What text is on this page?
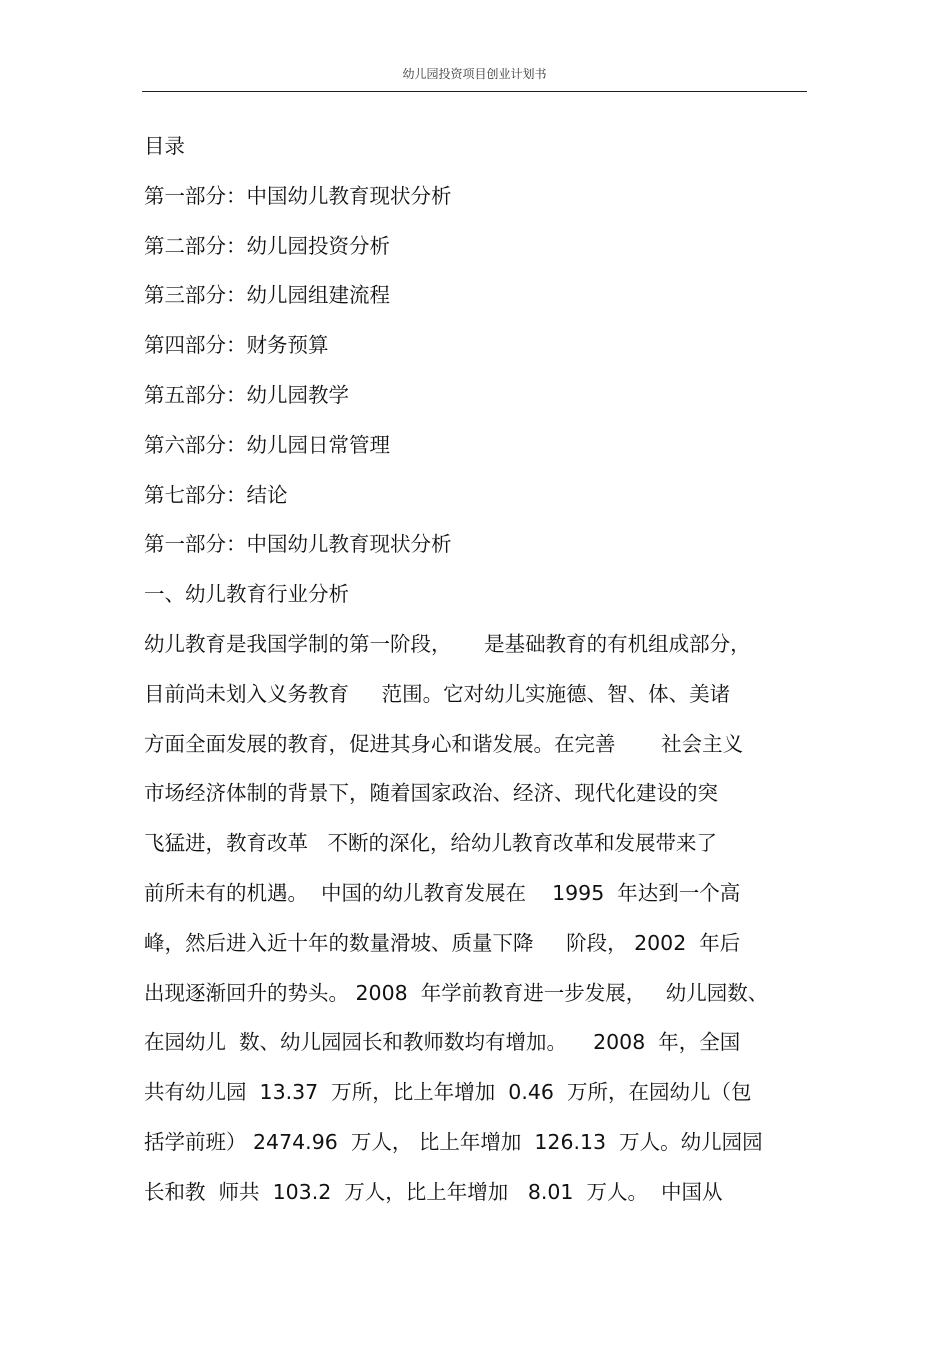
幼儿园投资项目创业计划书
目录
第一部分：中国幼儿教育现状分析
第二部分：幼儿园投资分析
第三部分：幼儿园组建流程
第四部分：财务预算
第五部分：幼儿园教学
第六部分：幼儿园日常管理
第七部分：结论
第一部分：中国幼儿教育现状分析
一、幼儿教育行业分析
幼儿教育是我国学制的第一阶段，     是基础教育的有机组成部分，
目前尚未划入义务教育     范围。它对幼儿实施德、智、体、美诸
方面全面发展的教育，促进其身心和谐发展。在完善       社会主义
市场经济体制的背景下，随着国家政治、经济、现代化建设的突
飞猛进，教育改革   不断的深化，给幼儿教育改革和发展带来了
前所未有的机遇。  中国的幼儿教育发展在    1995  年达到一个高
峰，然后进入近十年的数量滑坡、质量下降     阶段， 2002  年后
出现逐渐回升的势头。 2008  年学前教育进一步发展，   幼儿园数、
在园幼儿  数、幼儿园园长和教师数均有增加。    2008  年，全国
共有幼儿园  13.37  万所，比上年增加  0.46  万所，在园幼儿（包
括学前班） 2474.96  万人， 比上年增加  126.13  万人。幼儿园园
长和教  师共  103.2  万人，比上年增加   8.01  万人。  中国从
